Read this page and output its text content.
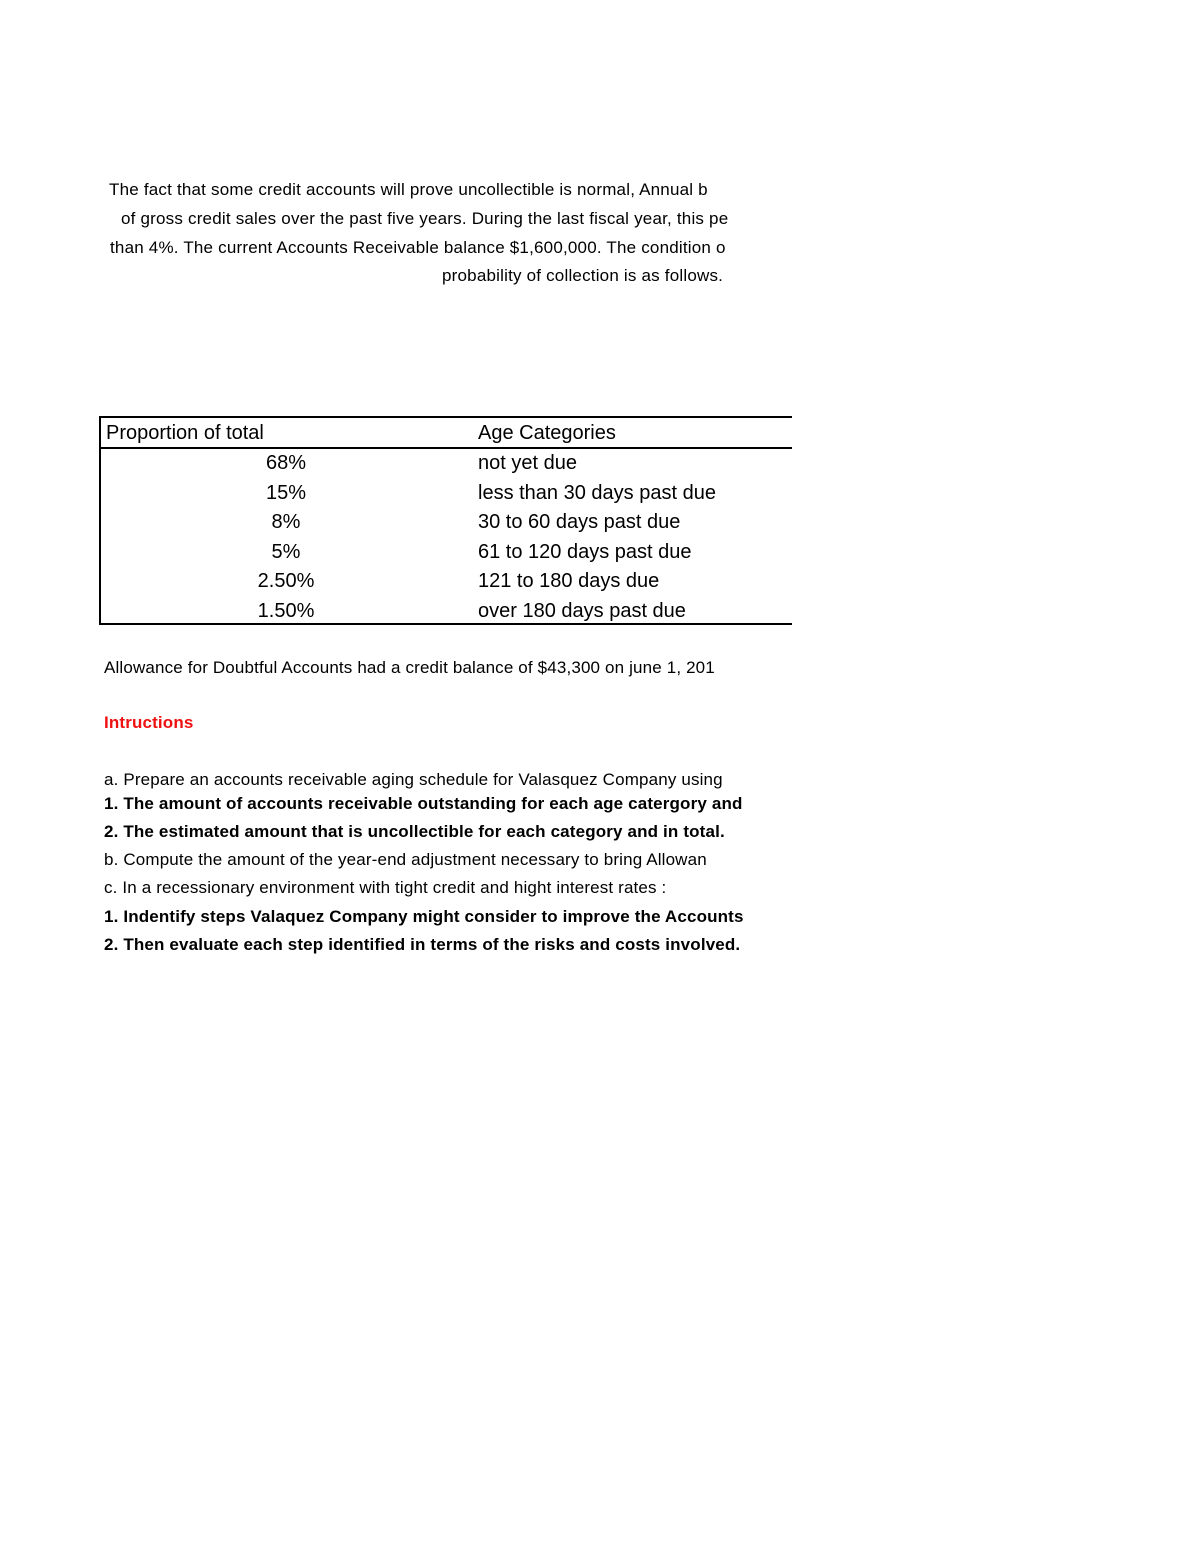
The fact that some credit accounts will prove uncollectible is normal, Annual b
of gross credit sales over the past five years. During the last fiscal year, this pe
than 4%. The current Accounts Receivable balance $1,600,000. The condition o
probability of collection is as follows.
Proportion of total	Age Categories
68%	not yet due
15%	less than 30 days past due
8%	30 to 60 days past due
5%	61 to 120 days past due
2.50%	121 to 180 days due
1.50%	over 180 days past due
Allowance for Doubtful Accounts had a credit balance of $43,300 on june 1, 201
Intructions
a. Prepare an accounts receivable aging schedule for Valasquez Company using
1. The amount of accounts receivable outstanding for each age catergory and
2. The estimated amount that is uncollectible for each category and in total.
b. Compute the amount of the year-end adjustment necessary to bring Allowan
c. In a recessionary environment with tight credit and hight interest rates :
1. Indentify steps Valaquez Company might consider to improve the Accounts
2. Then evaluate each step identified in terms of the risks and costs involved.
